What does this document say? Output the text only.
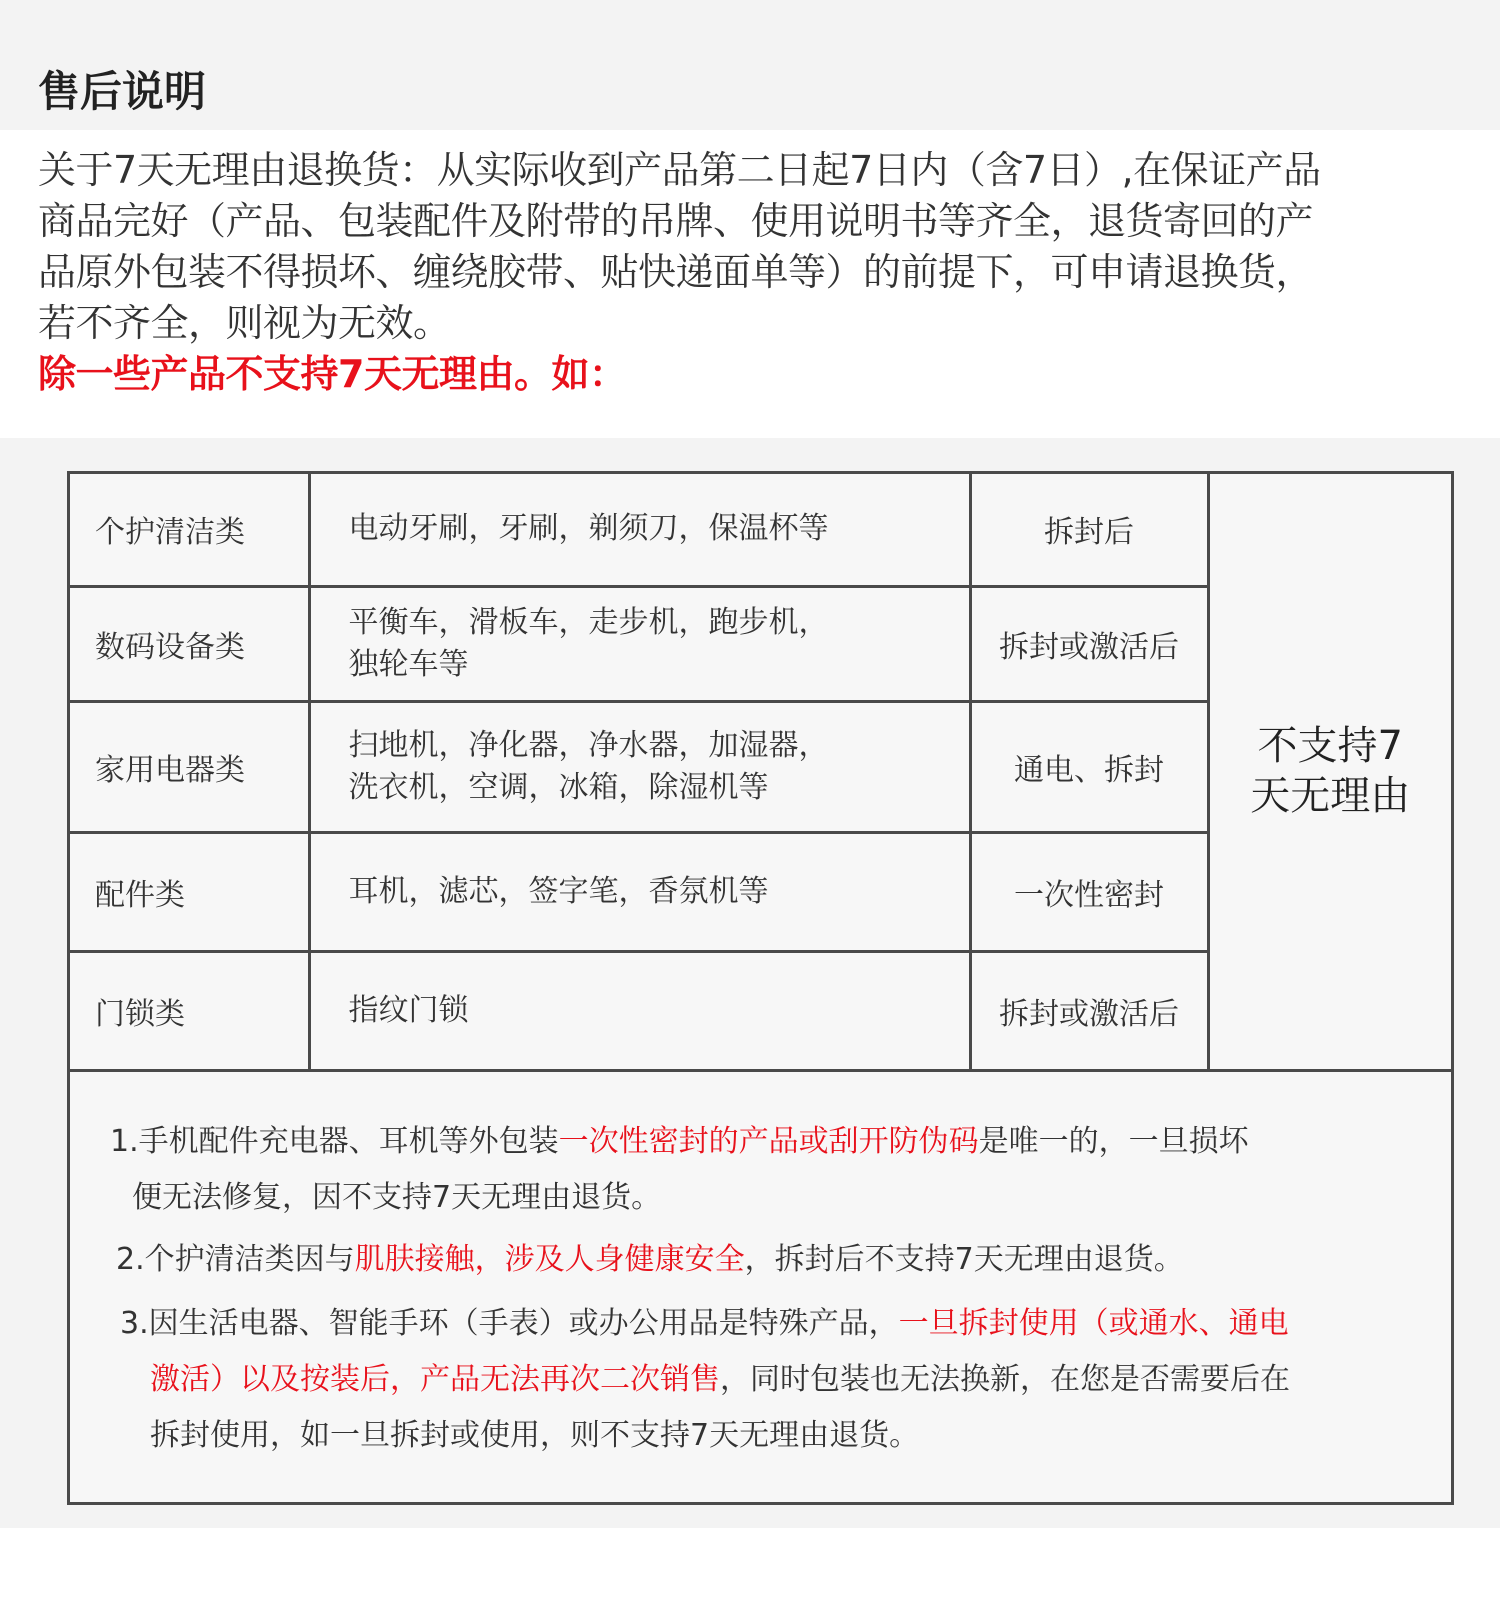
售后说明
关于7天无理由退换货：从实际收到产品第二日起7日内（含7日）,在保证产品
商品完好（产品、包装配件及附带的吊牌、使用说明书等齐全，退货寄回的产
品原外包装不得损坏、缠绕胶带、贴快递面单等）的前提下，可申请退换货，
若不齐全，则视为无效。
除一些产品不支持7天无理由。如：
个护清洁类	电动牙刷，牙刷，剃须刀，保温杯等	拆封后	不支持7
天无理由

数码设备类	平衡车，滑板车，走步机，跑步机，
独轮车等	拆封或激活后	
家用电器类	扫地机，净化器，净水器，加湿器，
洗衣机，空调，冰箱，除湿机等	通电、拆封	
配件类	耳机，滤芯，签字笔，香氛机等	一次性密封	
门锁类	指纹门锁	拆封或激活后	

1.手机配件充电器、耳机等外包装一次性密封的产品或刮开防伪码是唯一的，一旦损坏
便无法修复，因不支持7天无理由退货。

2.个护清洁类因与肌肤接触，涉及人身健康安全，拆封后不支持7天无理由退货。

3.因生活电器、智能手环（手表）或办公用品是特殊产品，一旦拆封使用（或通水、通电
激活）以及按装后，产品无法再次二次销售，同时包装也无法换新，在您是否需要后在
拆封使用，如一旦拆封或使用，则不支持7天无理由退货。
